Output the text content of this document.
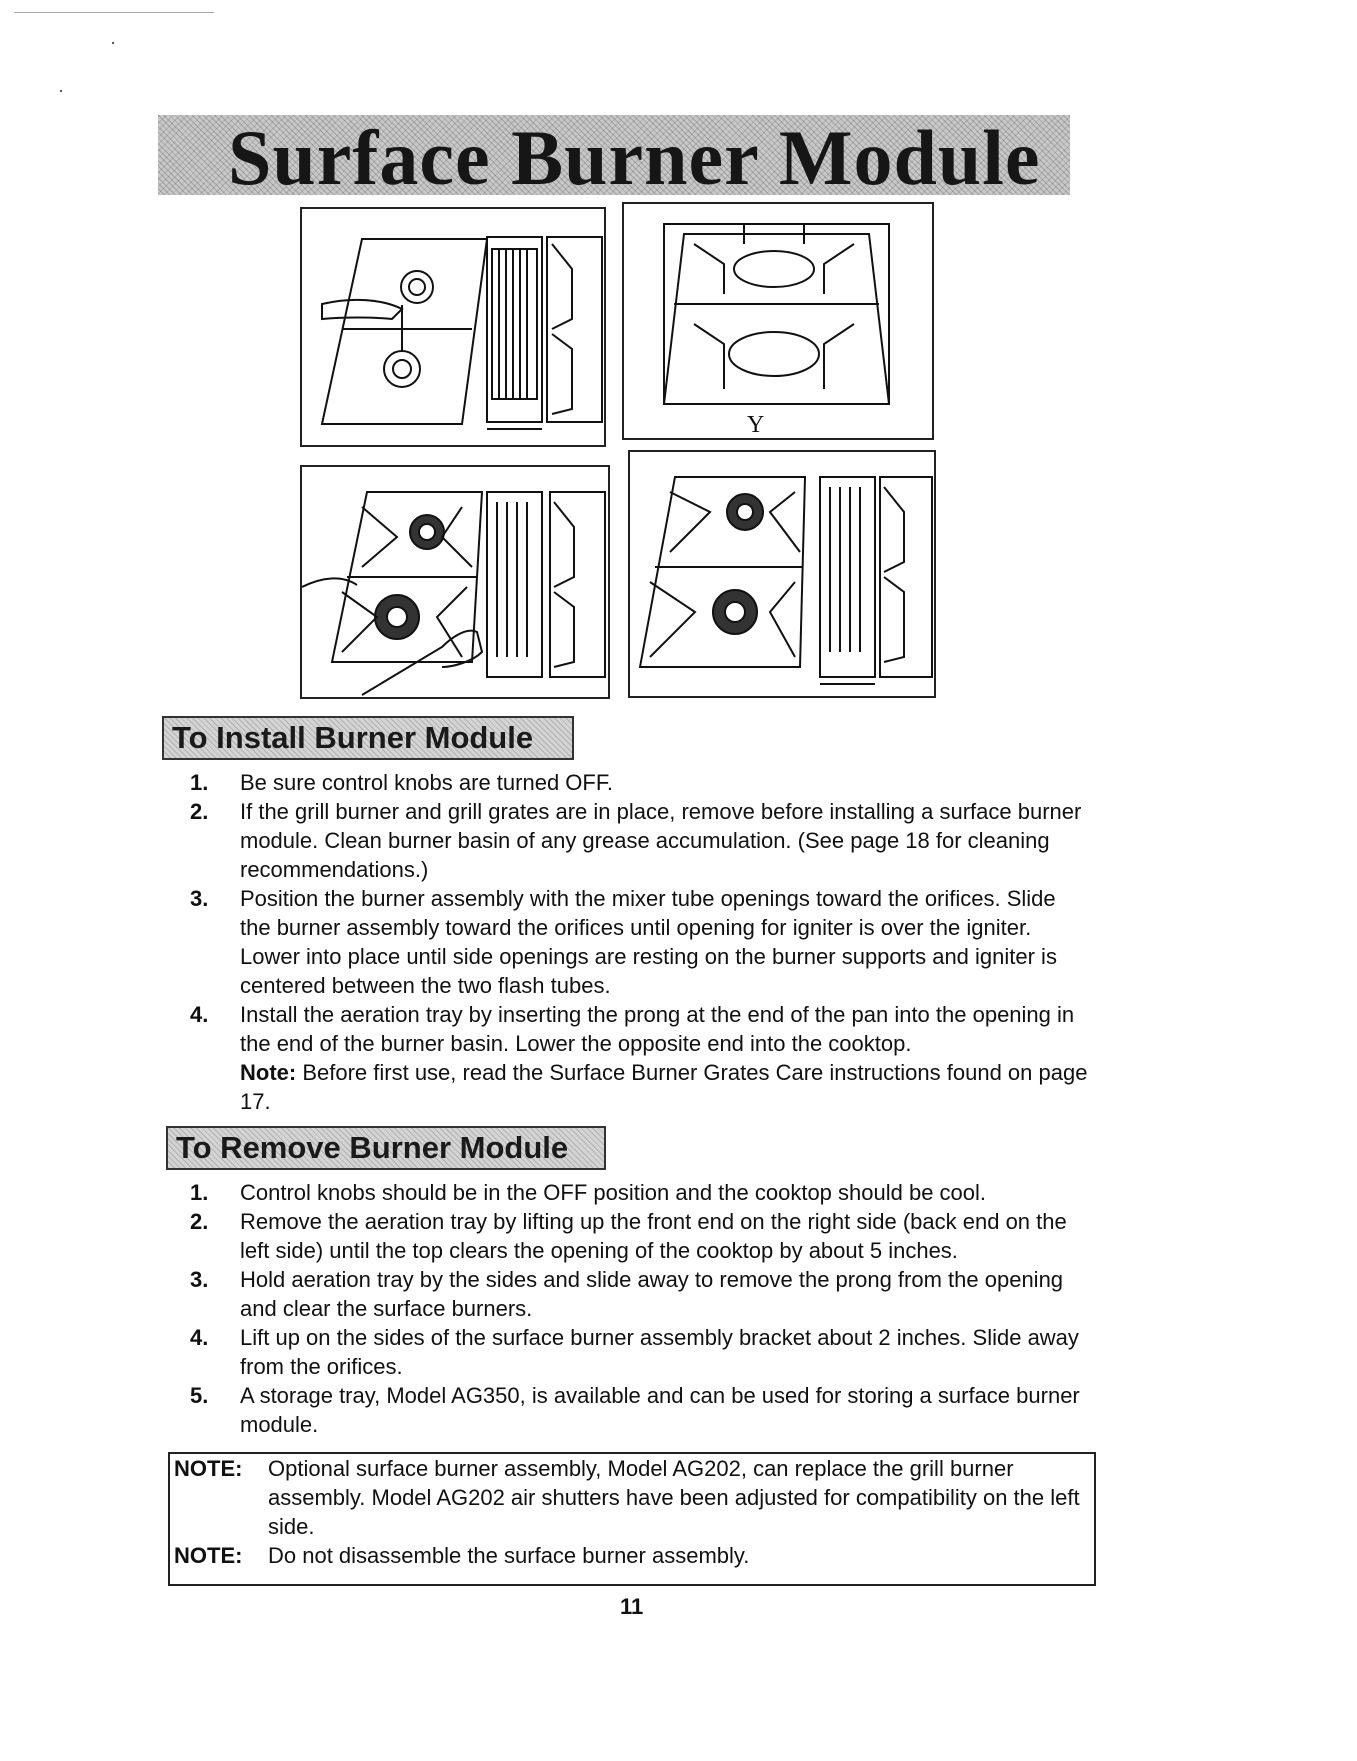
Surface Burner Module
Y
To Install Burner Module

1. Be sure control knobs are turned OFF.

2. If the grill burner and grill grates are in place, remove before installing a surface burner module. Clean burner basin of any grease accumulation. (See page 18 for cleaning recommendations.)

3. Position the burner assembly with the mixer tube openings toward the orifices. Slide the burner assembly toward the orifices until opening for igniter is over the igniter. Lower into place until side openings are resting on the burner supports and igniter is centered between the two flash tubes.

4. Install the aeration tray by inserting the prong at the end of the pan into the opening in the end of the burner basin. Lower the opposite end into the cooktop.

Note: Before first use, read the Surface Burner Grates Care instructions found on page 17.

To Remove Burner Module

1. Control knobs should be in the OFF position and the cooktop should be cool.

2. Remove the aeration tray by lifting up the front end on the right side (back end on the left side) until the top clears the opening of the cooktop by about 5 inches.

3. Hold aeration tray by the sides and slide away to remove the prong from the opening and clear the surface burners.

4. Lift up on the sides of the surface burner assembly bracket about 2 inches. Slide away from the orifices.

5. A storage tray, Model AG350, is available and can be used for storing a surface burner module.

NOTE: Optional surface burner assembly, Model AG202, can replace the grill burner assembly. Model AG202 air shutters have been adjusted for compatibility on the left side.

NOTE: Do not disassemble the surface burner assembly.

11
